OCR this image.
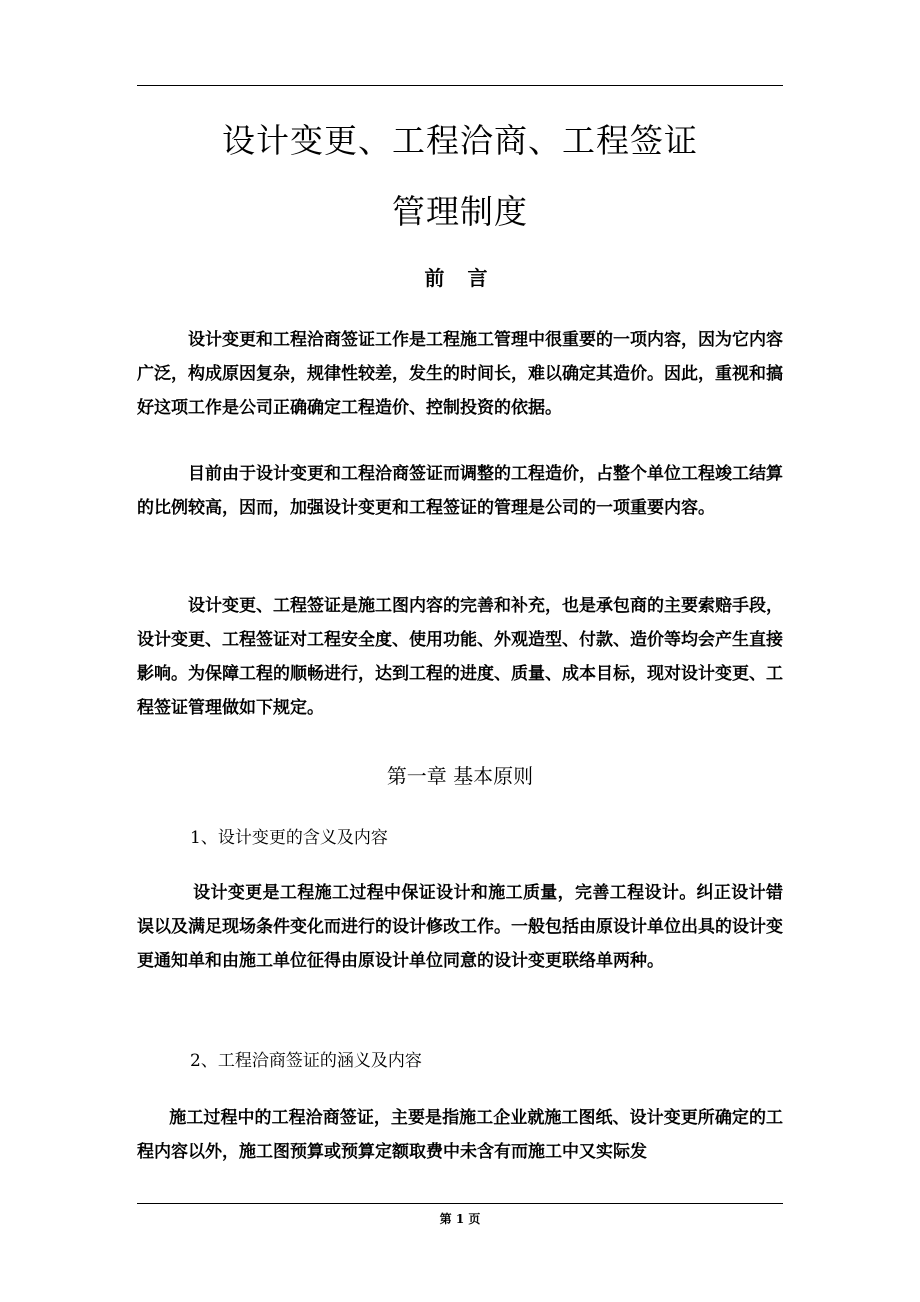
设计变更、工程洽商、工程签证
管理制度
前 言
设计变更和工程洽商签证工作是工程施工管理中很重要的一项内容，因为它内容广泛，构成原因复杂，规律性较差，发生的时间长，难以确定其造价。因此，重视和搞好这项工作是公司正确确定工程造价、控制投资的依据。
目前由于设计变更和工程洽商签证而调整的工程造价，占整个单位工程竣工结算的比例较高，因而，加强设计变更和工程签证的管理是公司的一项重要内容。
设计变更、工程签证是施工图内容的完善和补充，也是承包商的主要索赔手段，设计变更、工程签证对工程安全度、使用功能、外观造型、付款、造价等均会产生直接影响。为保障工程的顺畅进行，达到工程的进度、质量、成本目标，现对设计变更、工程签证管理做如下规定。
第一章 基本原则
1、设计变更的含义及内容
设计变更是工程施工过程中保证设计和施工质量，完善工程设计。纠正设计错误以及满足现场条件变化而进行的设计修改工作。一般包括由原设计单位出具的设计变更通知单和由施工单位征得由原设计单位同意的设计变更联络单两种。
2、工程洽商签证的涵义及内容
施工过程中的工程洽商签证，主要是指施工企业就施工图纸、设计变更所确定的工程内容以外，施工图预算或预算定额取费中未含有而施工中又实际发
第 1 页
